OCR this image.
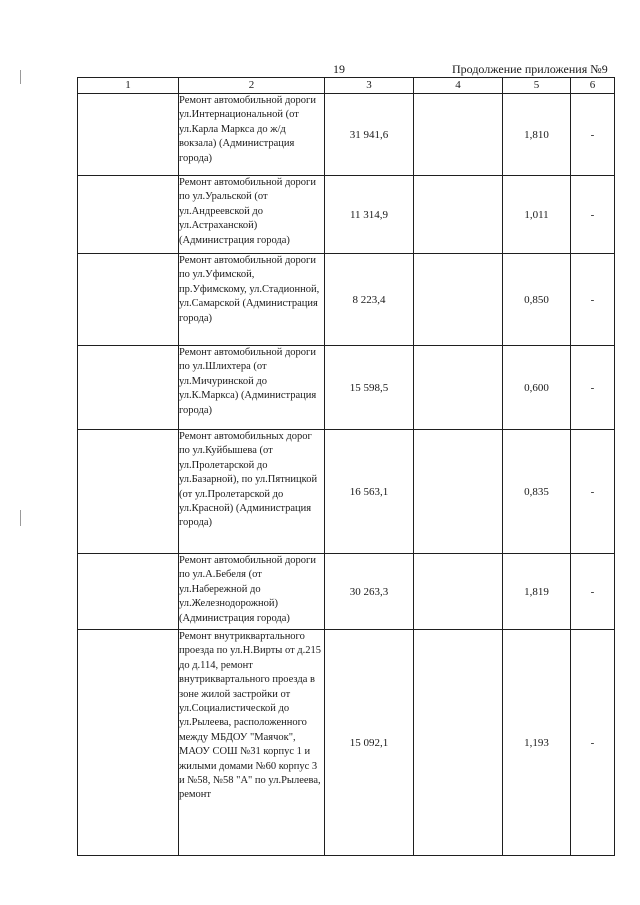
19	Продолжение приложения №9
1	2	3	4	5	6
	Ремонт автомобильной дороги ул.Интернациональной (от ул.Карла Маркса до ж/д вокзала) (Администрация города)	31 941,6		1,810	-
	Ремонт автомобильной дороги по ул.Уральской (от ул.Андреевской до ул.Астраханской) (Администрация города)	11 314,9		1,011	-
	Ремонт автомобильной дороги по ул.Уфимской, пр.Уфимскому, ул.Стадионной, ул.Самарской (Администрация города)	8 223,4		0,850	-
	Ремонт автомобильной дороги по ул.Шлихтера (от ул.Мичуринской до ул.К.Маркса) (Администрация города)	15 598,5		0,600	-
	Ремонт автомобильных дорог по ул.Куйбышева (от ул.Пролетарской до ул.Базарной), по ул.Пятницкой (от ул.Пролетарской до ул.Красной) (Администрация города)	16 563,1		0,835	-
	Ремонт автомобильной дороги по ул.А.Бебеля (от ул.Набережной до ул.Железнодорожной) (Администрация города)	30 263,3		1,819	-
	Ремонт внутриквартального проезда по ул.Н.Вирты от д.215 до д.114, ремонт внутриквартального проезда в зоне жилой застройки от ул.Социалистической до ул.Рылеева, расположенного между МБДОУ "Маячок", МАОУ СОШ №31 корпус 1 и жилыми домами №60 корпус 3 и №58, №58 "А" по ул.Рылеева, ремонт	15 092,1		1,193	-
